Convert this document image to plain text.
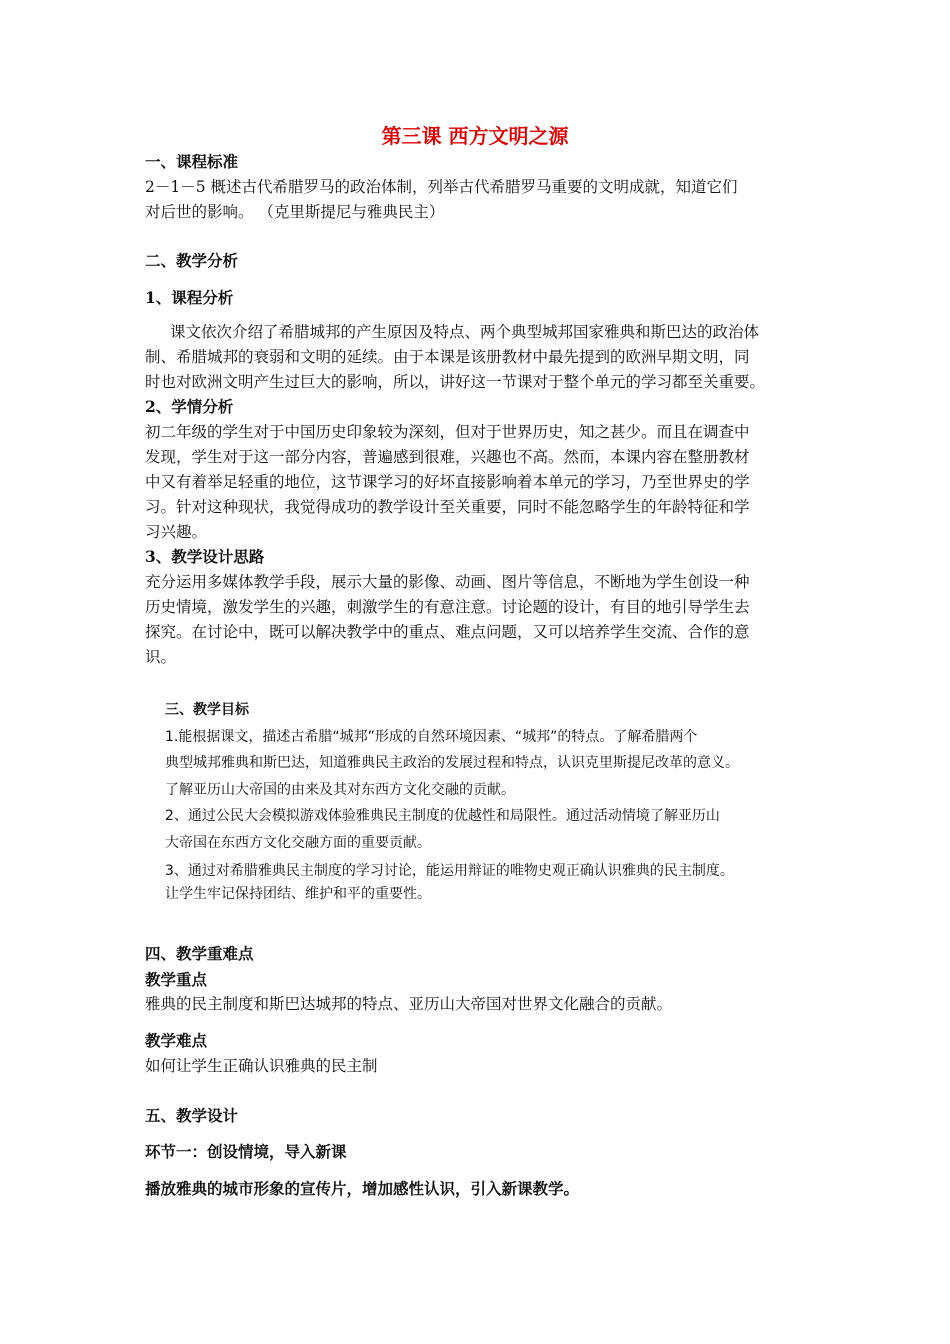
第三课 西方文明之源
一、课程标准
2－1－5 概述古代希腊罗马的政治体制，列举古代希腊罗马重要的文明成就，知道它们
对后世的影响。 （克里斯提尼与雅典民主）
二、教学分析
1、课程分析
课文依次介绍了希腊城邦的产生原因及特点、两个典型城邦国家雅典和斯巴达的政治体
制、希腊城邦的衰弱和文明的延续。由于本课是该册教材中最先提到的欧洲早期文明，同
时也对欧洲文明产生过巨大的影响，所以，讲好这一节课对于整个单元的学习都至关重要。
2、学情分析
初二年级的学生对于中国历史印象较为深刻，但对于世界历史，知之甚少。而且在调查中
发现，学生对于这一部分内容，普遍感到很难，兴趣也不高。然而，本课内容在整册教材
中又有着举足轻重的地位，这节课学习的好坏直接影响着本单元的学习，乃至世界史的学
习。针对这种现状，我觉得成功的教学设计至关重要，同时不能忽略学生的年龄特征和学
习兴趣。
3、教学设计思路
充分运用多媒体教学手段，展示大量的影像、动画、图片等信息，不断地为学生创设一种
历史情境，激发学生的兴趣，刺激学生的有意注意。讨论题的设计，有目的地引导学生去
探究。在讨论中，既可以解决教学中的重点、难点问题，又可以培养学生交流、合作的意
识。
三、教学目标
1.能根据课文，描述古希腊“城邦”形成的自然环境因素、“城邦”的特点。了解希腊两个
典型城邦雅典和斯巴达，知道雅典民主政治的发展过程和特点，认识克里斯提尼改革的意义。
了解亚历山大帝国的由来及其对东西方文化交融的贡献。
2、通过公民大会模拟游戏体验雅典民主制度的优越性和局限性。通过活动情境了解亚历山
大帝国在东西方文化交融方面的重要贡献。
3、通过对希腊雅典民主制度的学习讨论，能运用辩证的唯物史观正确认识雅典的民主制度。
让学生牢记保持团结、维护和平的重要性。
四、教学重难点
教学重点
雅典的民主制度和斯巴达城邦的特点、亚历山大帝国对世界文化融合的贡献。
教学难点
如何让学生正确认识雅典的民主制
五、教学设计
环节一：创设情境，导入新课
播放雅典的城市形象的宣传片，增加感性认识，引入新课教学。
